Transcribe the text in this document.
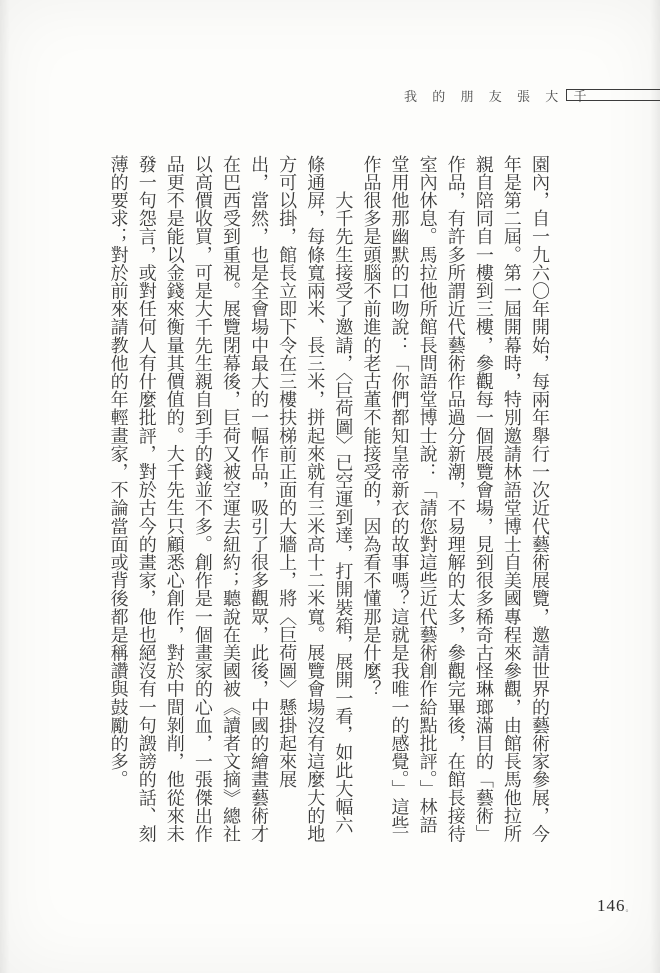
我 的 朋 友 張 大 千
園內，自一九六〇年開始，每兩年舉行一次近代藝術展覽，邀請世界的藝術家參展，今
年是第二屆。第一屆開幕時，特別邀請林語堂博士自美國專程來參觀，由館長馬他拉所
親自陪同自一樓到三樓，參觀每一個展覽會場，見到很多稀奇古怪琳瑯滿目的「藝術」
作品，有許多所謂近代藝術作品過分新潮，不易理解的太多，參觀完畢後，在館長接待
室內休息。馬拉他所館長問語堂博士說：「請您對這些近代藝術創作給點批評。」林語
堂用他那幽默的口吻說：「你們都知皇帝新衣的故事嗎？這就是我唯一的感覺。」這些
作品很多是頭腦不前進的老古董不能接受的，因為看不懂那是什麼？
　　大千先生接受了邀請，〈巨荷圖〉已空運到達，打開裝箱，展開一看，如此大幅六
條通屏，每條寬兩米、長三米，拼起來就有三米高十二米寬。展覽會場沒有這麼大的地
方可以掛，館長立即下令在三樓扶梯前正面的大牆上，將〈巨荷圖〉懸掛起來展
出，當然，也是全會場中最大的一幅作品，吸引了很多觀眾，此後，中國的繪畫藝術才
在巴西受到重視。展覽閉幕後，巨荷又被空運去紐約；聽說在美國被《讀者文摘》總社
以高價收買，可是大千先生親自到手的錢並不多。創作是一個畫家的心血，一張傑出作
品更不是能以金錢來衡量其價值的。大千先生只顧悉心創作，對於中間剝削，他從來未
發一句怨言，或對任何人有什麼批評，對於古今的畫家，他也絕沒有一句譭謗的話、刻
薄的要求；對於前來請教他的年輕畫家，不論當面或背後都是稱讚與鼓勵的多。
146。
